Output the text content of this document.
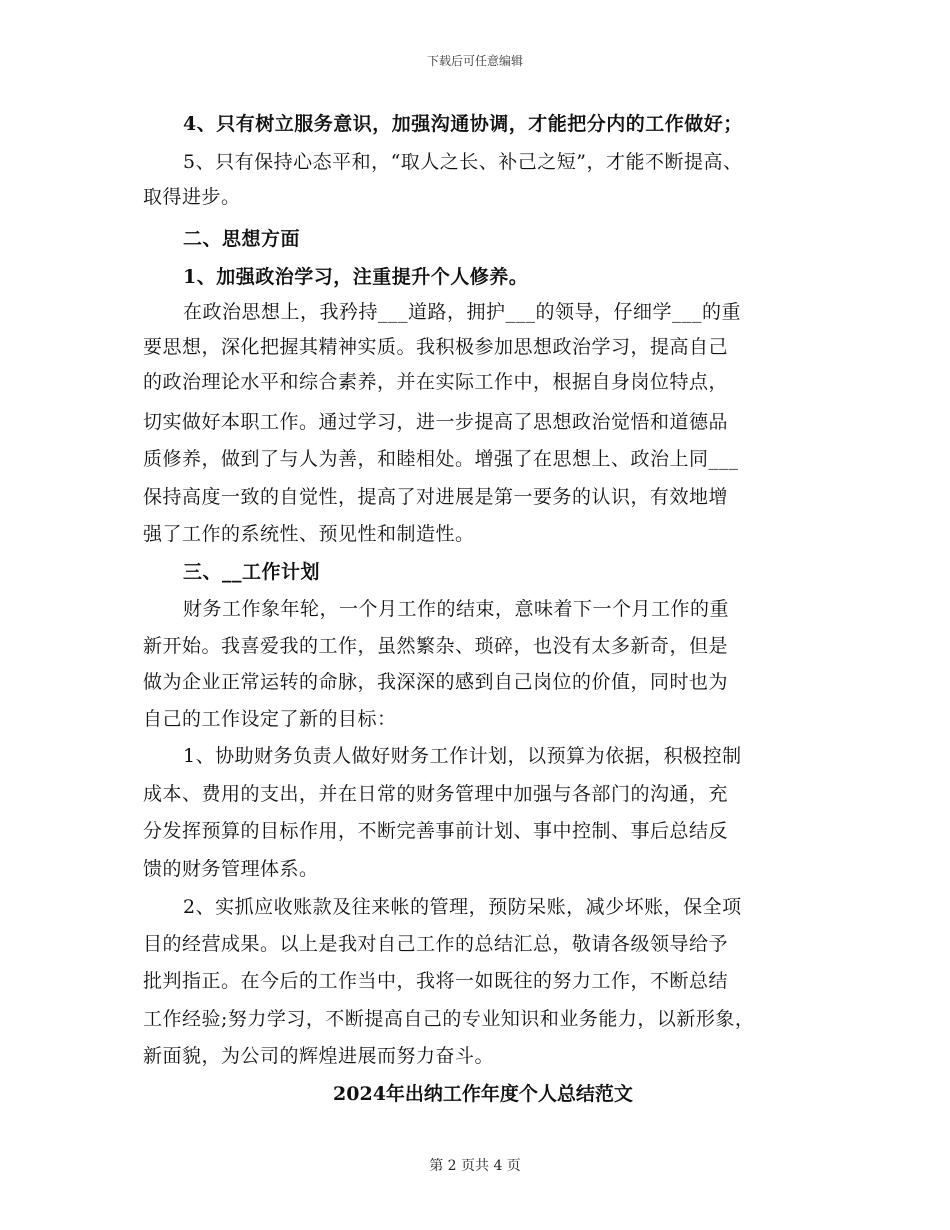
下载后可任意编辑
4、只有树立服务意识，加强沟通协调，才能把分内的工作做好；
5、只有保持心态平和，“取人之长、补己之短”，才能不断提高、
取得进步。
二、思想方面
1、加强政治学习，注重提升个人修养。
在政治思想上，我矜持___道路，拥护___的领导，仔细学___的重
要思想，深化把握其精神实质。我积极参加思想政治学习，提高自己
的政治理论水平和综合素养，并在实际工作中，根据自身岗位特点，
切实做好本职工作。通过学习，进一步提高了思想政治觉悟和道德品
质修养，做到了与人为善，和睦相处。增强了在思想上、政治上同___
保持高度一致的自觉性，提高了对进展是第一要务的认识，有效地增
强了工作的系统性、预见性和制造性。
三、__工作计划
财务工作象年轮，一个月工作的结束，意味着下一个月工作的重
新开始。我喜爱我的工作，虽然繁杂、琐碎，也没有太多新奇，但是
做为企业正常运转的命脉，我深深的感到自己岗位的价值，同时也为
自己的工作设定了新的目标：
1、协助财务负责人做好财务工作计划，以预算为依据，积极控制
成本、费用的支出，并在日常的财务管理中加强与各部门的沟通，充
分发挥预算的目标作用，不断完善事前计划、事中控制、事后总结反
馈的财务管理体系。
2、实抓应收账款及往来帐的管理，预防呆账，减少坏账，保全项
目的经营成果。以上是我对自己工作的总结汇总，敬请各级领导给予
批判指正。在今后的工作当中，我将一如既往的努力工作，不断总结
工作经验;努力学习，不断提高自己的专业知识和业务能力，以新形象，
新面貌，为公司的辉煌进展而努力奋斗。
2024年出纳工作年度个人总结范文
第 2 页共 4 页
